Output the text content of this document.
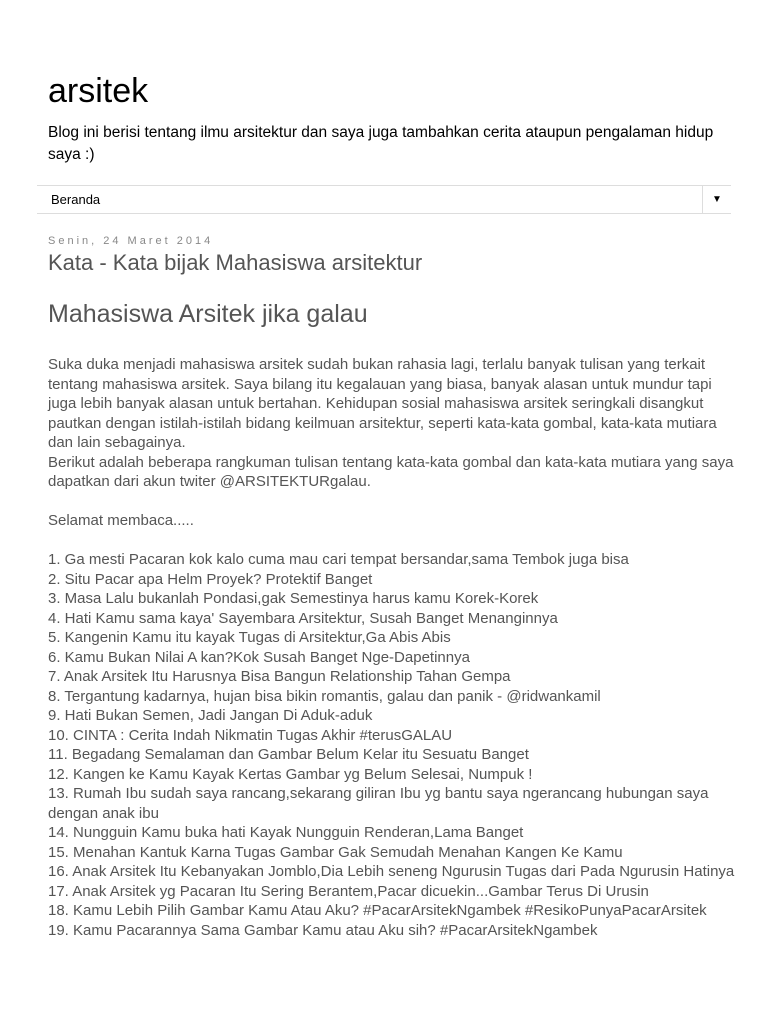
arsitek

Blog ini berisi tentang ilmu arsitektur dan saya juga tambahkan cerita ataupun pengalaman hidup saya :)

Beranda	▼
Senin, 24 Maret 2014
Kata - Kata bijak Mahasiswa arsitektur
Mahasiswa Arsitek jika galau

Suka duka menjadi mahasiswa arsitek sudah bukan rahasia lagi, terlalu banyak tulisan yang terkait tentang mahasiswa arsitek. Saya bilang itu kegalauan yang biasa, banyak alasan untuk mundur tapi juga lebih banyak alasan untuk bertahan. Kehidupan sosial mahasiswa arsitek seringkali disangkut pautkan dengan istilah-istilah bidang keilmuan arsitektur, seperti kata-kata gombal, kata-kata mutiara dan lain sebagainya.

Berikut adalah beberapa rangkuman tulisan tentang kata-kata gombal dan kata-kata mutiara yang saya dapatkan dari akun twiter @ARSITEKTURgalau.

Selamat membaca.....

1. Ga mesti Pacaran kok kalo cuma mau cari tempat bersandar,sama Tembok juga bisa
2. Situ Pacar apa Helm Proyek? Protektif Banget
3. Masa Lalu bukanlah Pondasi,gak Semestinya harus kamu Korek-Korek
4. Hati Kamu sama kaya' Sayembara Arsitektur, Susah Banget Menanginnya
5. Kangenin Kamu itu kayak Tugas di Arsitektur,Ga Abis Abis
6. Kamu Bukan Nilai A kan?Kok Susah Banget Nge-Dapetinnya
7. Anak Arsitek Itu Harusnya Bisa Bangun Relationship Tahan Gempa
8. Tergantung kadarnya, hujan bisa bikin romantis, galau dan panik - @ridwankamil
9. Hati Bukan Semen, Jadi Jangan Di Aduk-aduk
10. CINTA : Cerita Indah Nikmatin Tugas Akhir #terusGALAU
11. Begadang Semalaman dan Gambar Belum Kelar itu Sesuatu Banget
12. Kangen ke Kamu Kayak Kertas Gambar yg Belum Selesai, Numpuk !
13. Rumah Ibu sudah saya rancang,sekarang giliran Ibu yg bantu saya ngerancang hubungan saya dengan anak ibu
14. Nungguin Kamu buka hati Kayak Nungguin Renderan,Lama Banget
15. Menahan Kantuk Karna Tugas Gambar Gak Semudah Menahan Kangen Ke Kamu
16. Anak Arsitek Itu Kebanyakan Jomblo,Dia Lebih seneng Ngurusin Tugas dari Pada Ngurusin Hatinya
17. Anak Arsitek yg Pacaran Itu Sering Berantem,Pacar dicuekin...Gambar Terus Di Urusin
18. Kamu Lebih Pilih Gambar Kamu Atau Aku? #PacarArsitekNgambek #ResikoPunyaPacarArsitek
19. Kamu Pacarannya Sama Gambar Kamu atau Aku sih? #PacarArsitekNgambek
